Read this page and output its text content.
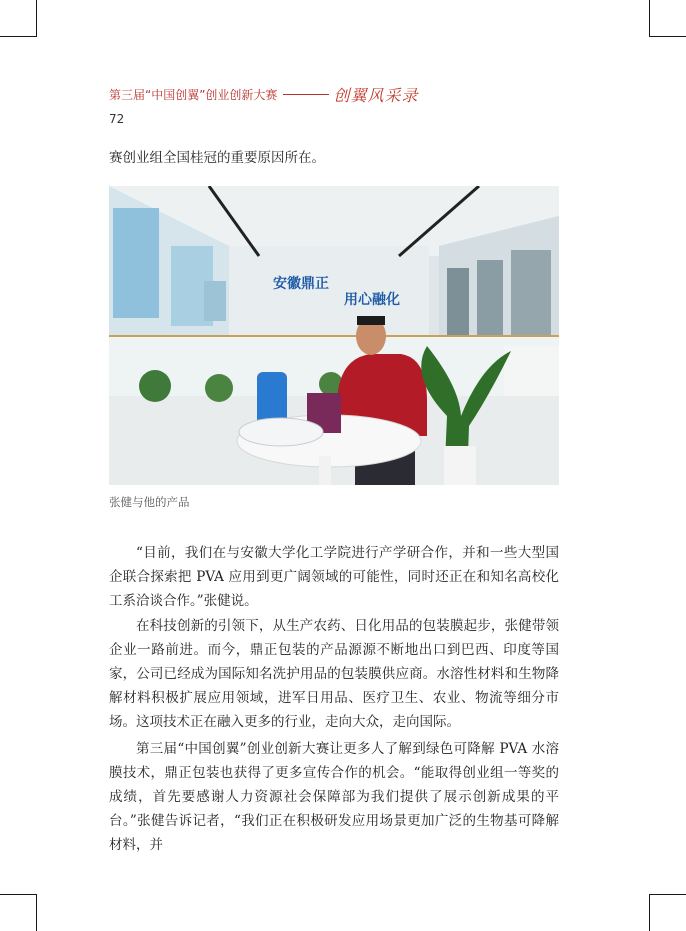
第三届“中国创翼”创业创新大赛	创翼风采录
72

赛创业组全国桂冠的重要原因所在。

安徽鼎正
用心融化
张健与他的产品

“目前，我们在与安徽大学化工学院进行产学研合作，并和一些大型国企联合探索把 PVA 应用到更广阔领域的可能性，同时还正在和知名高校化工系洽谈合作。”张健说。

在科技创新的引领下，从生产农药、日化用品的包装膜起步，张健带领企业一路前进。而今，鼎正包装的产品源源不断地出口到巴西、印度等国家，公司已经成为国际知名洗护用品的包装膜供应商。水溶性材料和生物降解材料积极扩展应用领域，进军日用品、医疗卫生、农业、物流等细分市场。这项技术正在融入更多的行业，走向大众，走向国际。

第三届“中国创翼”创业创新大赛让更多人了解到绿色可降解 PVA 水溶膜技术，鼎正包装也获得了更多宣传合作的机会。“能取得创业组一等奖的成绩，首先要感谢人力资源社会保障部为我们提供了展示创新成果的平台。”张健告诉记者，“我们正在积极研发应用场景更加广泛的生物基可降解材料，并
